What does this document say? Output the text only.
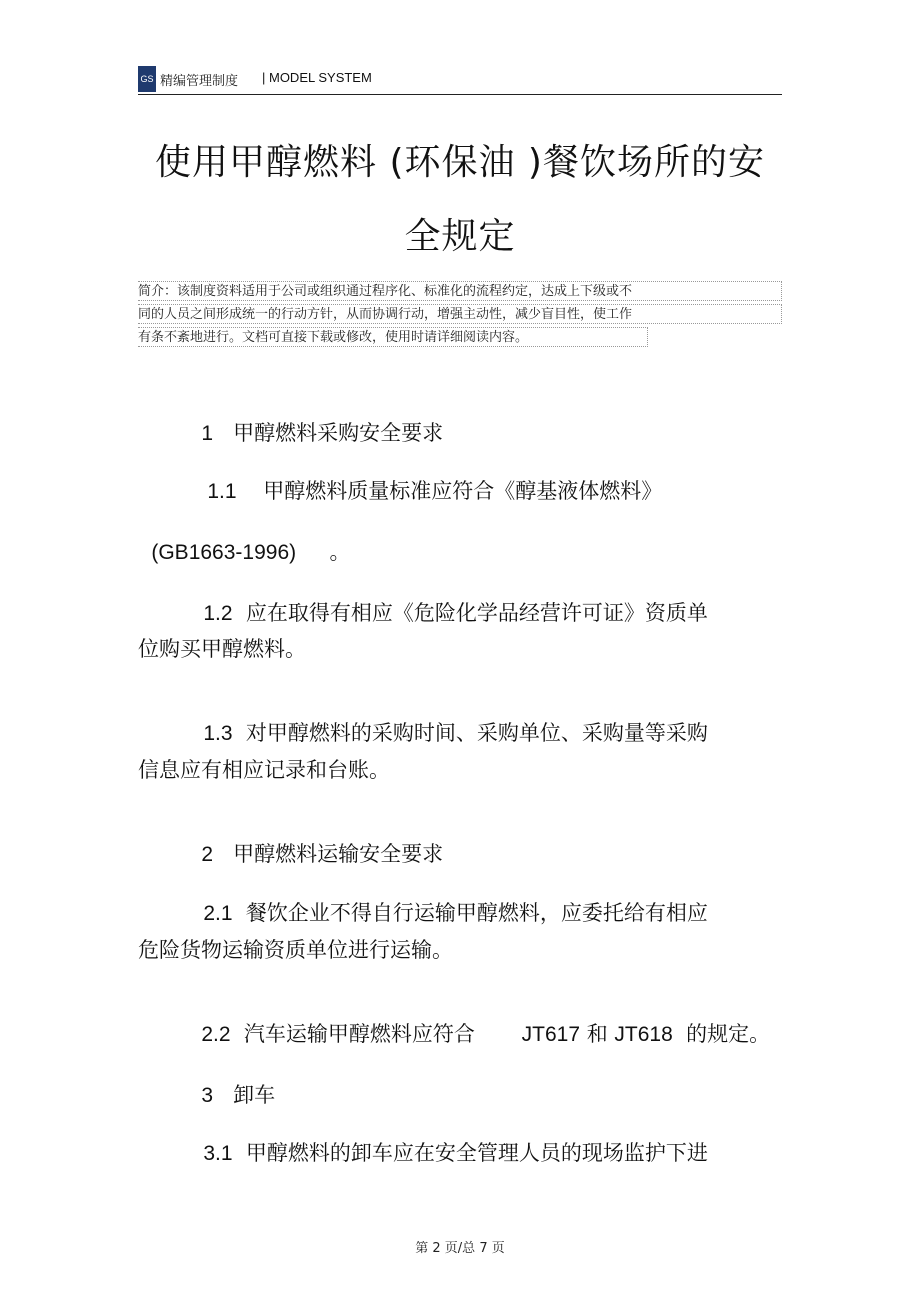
GS 精编管理制度 | MODEL SYSTEM
使用甲醇燃料 (环保油 )餐饮场所的安
全规定
简介：该制度资料适用于公司或组织通过程序化、标准化的流程约定，达成上下级或不
同的人员之间形成统一的行动方针，从而协调行动，增强主动性，减少盲目性，使工作
有条不紊地进行。文档可直接下载或修改，使用时请详细阅读内容。

1 甲醇燃料采购安全要求

1.1 甲醇燃料质量标准应符合《醇基液体燃料》

(GB1663-1996) 。

1.2 应在取得有相应《危险化学品经营许可证》资质单

位购买甲醇燃料。

1.3 对甲醇燃料的采购时间、采购单位、采购量等采购

信息应有相应记录和台账。

2 甲醇燃料运输安全要求

2.1 餐饮企业不得自行运输甲醇燃料，应委托给有相应

危险货物运输资质单位进行运输。

2.2 汽车运输甲醇燃料应符合 JT617 和 JT618 的规定。

3 卸车

3.1 甲醇燃料的卸车应在安全管理人员的现场监护下进

第 2 页/总 7 页
